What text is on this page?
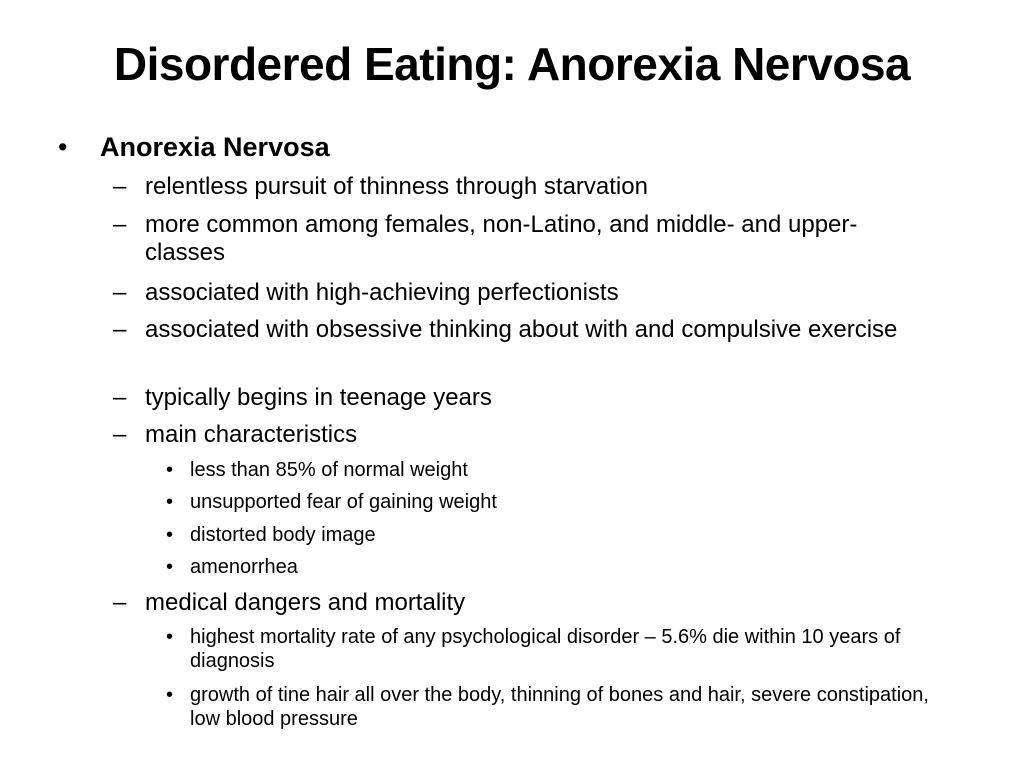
Disordered Eating: Anorexia Nervosa
• Anorexia Nervosa
– relentless pursuit of thinness through starvation
– more common among females, non-Latino, and middle- and upper- classes
– associated with high-achieving perfectionists
– associated with obsessive thinking about with and compulsive exercise
– typically begins in teenage years
– main characteristics
• less than 85% of normal weight
• unsupported fear of gaining weight
• distorted body image
• amenorrhea
– medical dangers and mortality
• highest mortality rate of any psychological disorder – 5.6% die within 10 years of diagnosis
• growth of tine hair all over the body, thinning of bones and hair, severe constipation, low blood pressure
